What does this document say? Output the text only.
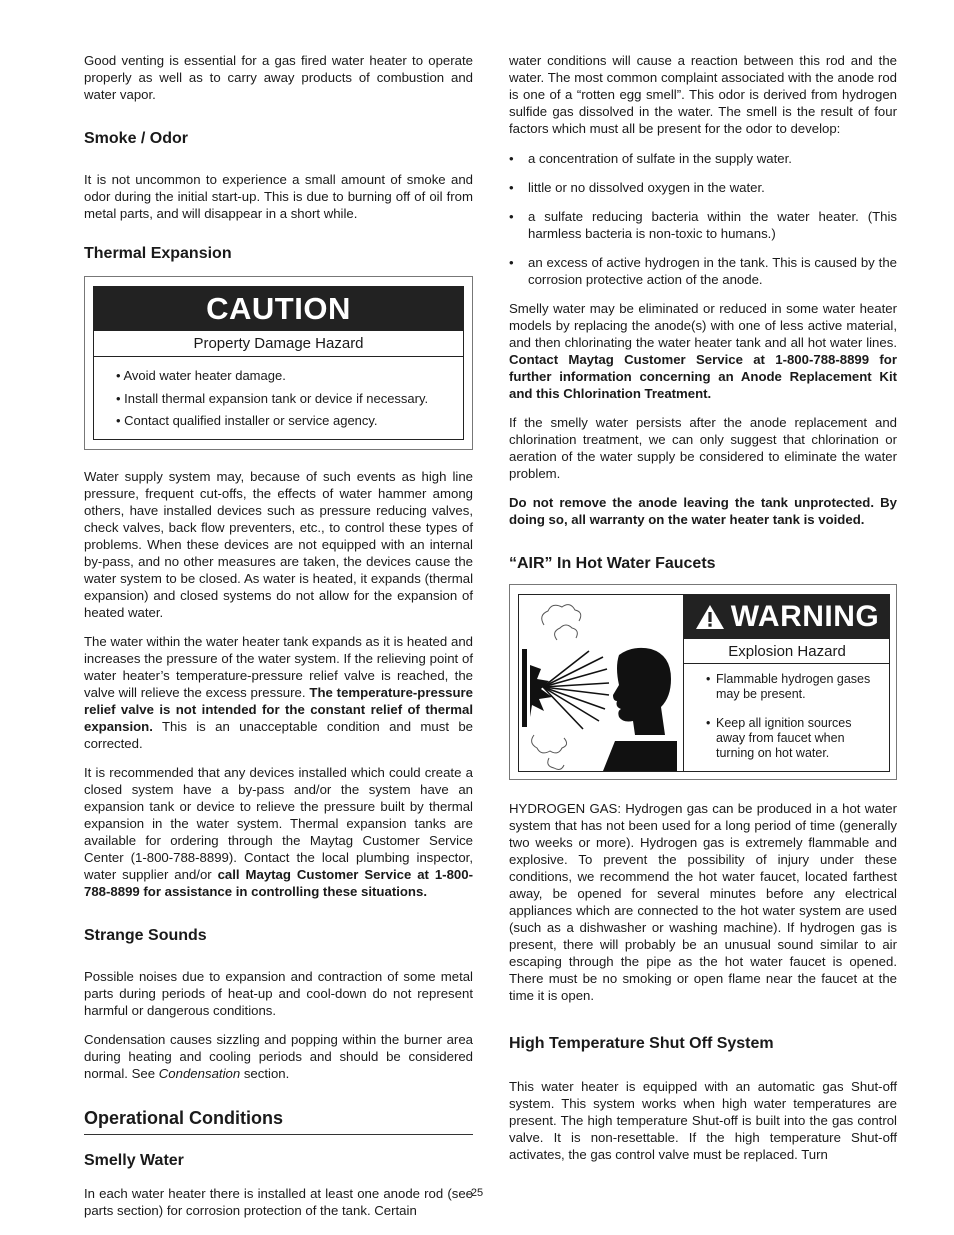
Good venting is essential for a gas fired water heater to operate properly as well as to carry away products of combustion and water vapor.

Smoke / Odor

It is not uncommon to experience a small amount of smoke and odor during the initial start-up. This is due to burning off of oil from metal parts, and will disappear in a short while.

Thermal Expansion
CAUTION
Property Damage Hazard
• Avoid water heater damage.
• Install thermal expansion tank or device if necessary.
• Contact qualified installer or service agency.

Water supply system may, because of such events as high line pressure, frequent cut-offs, the effects of water hammer among others, have installed devices such as pressure reducing valves, check valves, back flow preventers, etc., to control these types of problems. When these devices are not equipped with an internal by-pass, and no other measures are taken, the devices cause the water system to be closed. As water is heated, it expands (thermal expansion) and closed systems do not allow for the expansion of heated water.

The water within the water heater tank expands as it is heated and increases the pressure of the water system. If the relieving point of water heater’s temperature-pressure relief valve is reached, the valve will relieve the excess pressure. The temperature-pressure relief valve is not intended for the constant relief of thermal expansion. This is an unacceptable condition and must be corrected.

It is recommended that any devices installed which could create a closed system have a by-pass and/or the system have an expansion tank or device to relieve the pressure built by thermal expansion in the water system. Thermal expansion tanks are available for ordering through the Maytag Customer Service Center (1-800-788-8899). Contact the local plumbing inspector, water supplier and/or call Maytag Customer Service at 1-800-788-8899 for assistance in controlling these situations.

Strange Sounds

Possible noises due to expansion and contraction of some metal parts during periods of heat-up and cool-down do not represent harmful or dangerous conditions.

Condensation causes sizzling and popping within the burner area during heating and cooling periods and should be considered normal. See Condensation section.

Operational Conditions
Smelly Water

In each water heater there is installed at least one anode rod (see parts section) for corrosion protection of the tank. Certain

water conditions will cause a reaction between this rod and the water. The most common complaint associated with the anode rod is one of a “rotten egg smell”. This odor is derived from hydrogen sulfide gas dissolved in the water. The smell is the result of four factors which must all be present for the odor to develop:

• a concentration of sulfate in the supply water.
• little or no dissolved oxygen in the water.
• a sulfate reducing bacteria within the water heater. (This harmless bacteria is non-toxic to humans.)
• an excess of active hydrogen in the tank. This is caused by the corrosion protective action of the anode.

Smelly water may be eliminated or reduced in some water heater models by replacing the anode(s) with one of less active material, and then chlorinating the water heater tank and all hot water lines. Contact Maytag Customer Service at 1-800-788-8899 for further information concerning an Anode Replacement Kit and this Chlorination Treatment.

If the smelly water persists after the anode replacement and chlorination treatment, we can only suggest that chlorination or aeration of the water supply be considered to eliminate the water problem.

Do not remove the anode leaving the tank unprotected. By doing so, all warranty on the water heater tank is voided.

“AIR” In Hot Water Faucets
WARNING
Explosion Hazard
• Flammable hydrogen gases may be present.
• Keep all ignition sources away from faucet when turning on hot water.

HYDROGEN GAS: Hydrogen gas can be produced in a hot water system that has not been used for a long period of time (generally two weeks or more). Hydrogen gas is extremely flammable and explosive. To prevent the possibility of injury under these conditions, we recommend the hot water faucet, located farthest away, be opened for several minutes before any electrical appliances which are connected to the hot water system are used (such as a dishwasher or washing machine). If hydrogen gas is present, there will probably be an unusual sound similar to air escaping through the pipe as the hot water faucet is opened. There must be no smoking or open flame near the faucet at the time it is open.

High Temperature Shut Off System

This water heater is equipped with an automatic gas Shut-off system. This system works when high water temperatures are present. The high temperature Shut-off is built into the gas control valve. It is non-resettable. If the high temperature Shut-off activates, the gas control valve must be replaced. Turn

25
